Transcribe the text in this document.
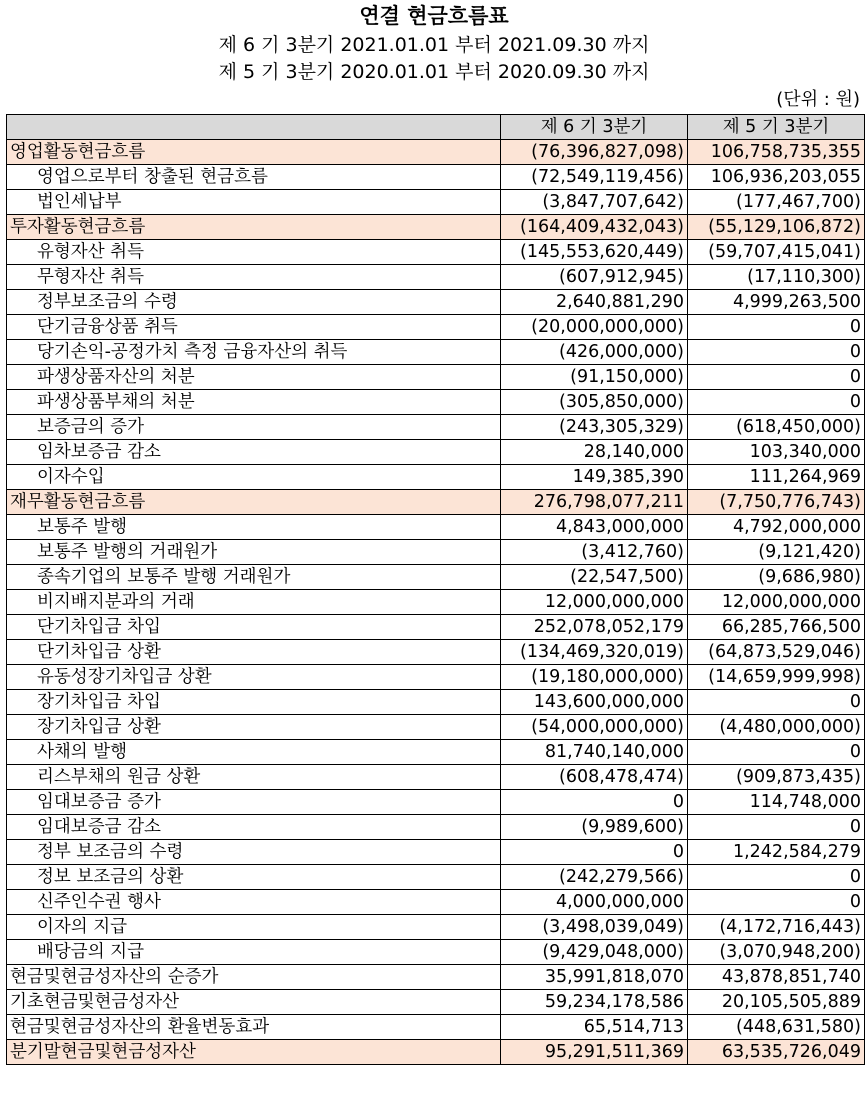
연결 현금흐름표
제 6 기 3분기 2021.01.01 부터 2021.09.30 까지
제 5 기 3분기 2020.01.01 부터 2020.09.30 까지
(단위 : 원)
	제 6 기 3분기	제 5 기 3분기
영업활동현금흐름	(76,396,827,098)	106,758,735,355
영업으로부터 창출된 현금흐름	(72,549,119,456)	106,936,203,055
법인세납부	(3,847,707,642)	(177,467,700)
투자활동현금흐름	(164,409,432,043)	(55,129,106,872)
유형자산 취득	(145,553,620,449)	(59,707,415,041)
무형자산 취득	(607,912,945)	(17,110,300)
정부보조금의 수령	2,640,881,290	4,999,263,500
단기금융상품 취득	(20,000,000,000)	0
당기손익-공정가치 측정 금융자산의 취득	(426,000,000)	0
파생상품자산의 처분	(91,150,000)	0
파생상품부채의 처분	(305,850,000)	0
보증금의 증가	(243,305,329)	(618,450,000)
임차보증금 감소	28,140,000	103,340,000
이자수입	149,385,390	111,264,969
재무활동현금흐름	276,798,077,211	(7,750,776,743)
보통주 발행	4,843,000,000	4,792,000,000
보통주 발행의 거래원가	(3,412,760)	(9,121,420)
종속기업의 보통주 발행 거래원가	(22,547,500)	(9,686,980)
비지배지분과의 거래	12,000,000,000	12,000,000,000
단기차입금 차입	252,078,052,179	66,285,766,500
단기차입금 상환	(134,469,320,019)	(64,873,529,046)
유동성장기차입금 상환	(19,180,000,000)	(14,659,999,998)
장기차입금 차입	143,600,000,000	0
장기차입금 상환	(54,000,000,000)	(4,480,000,000)
사채의 발행	81,740,140,000	0
리스부채의 원금 상환	(608,478,474)	(909,873,435)
임대보증금 증가	0	114,748,000
임대보증금 감소	(9,989,600)	0
정부 보조금의 수령	0	1,242,584,279
정보 보조금의 상환	(242,279,566)	0
신주인수권 행사	4,000,000,000	0
이자의 지급	(3,498,039,049)	(4,172,716,443)
배당금의 지급	(9,429,048,000)	(3,070,948,200)
현금및현금성자산의 순증가	35,991,818,070	43,878,851,740
기초현금및현금성자산	59,234,178,586	20,105,505,889
현금및현금성자산의 환율변동효과	65,514,713	(448,631,580)
분기말현금및현금성자산	95,291,511,369	63,535,726,049
